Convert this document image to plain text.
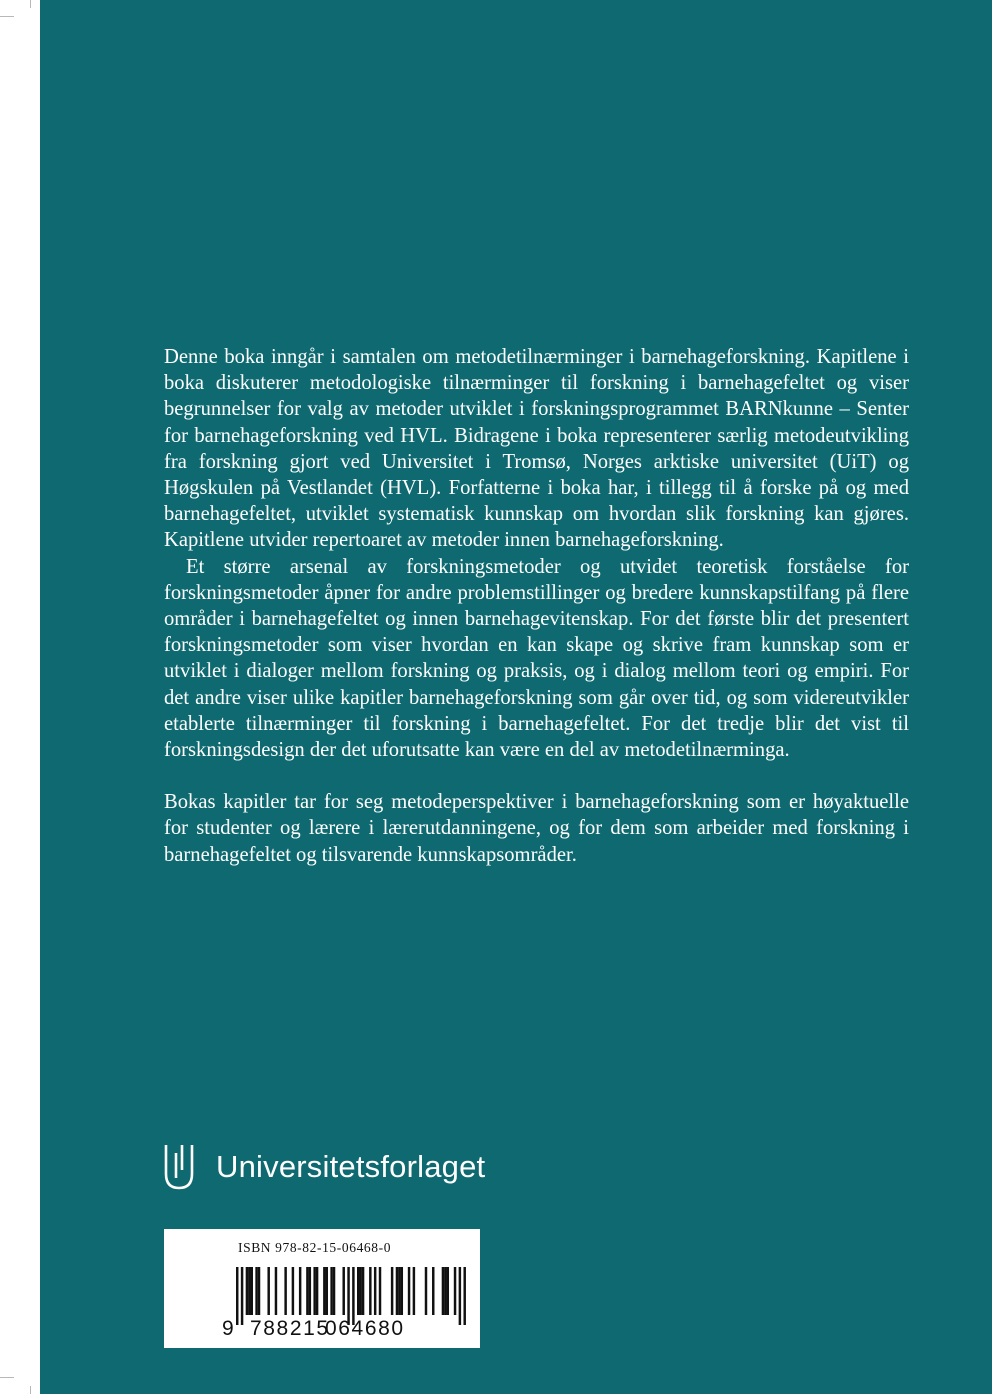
Denne boka inngår i samtalen om metodetilnærminger i barnehageforskning. Kapitlene i boka diskuterer metodologiske tilnærminger til forskning i barnehagefeltet og viser begrunnelser for valg av metoder utviklet i forskningsprogrammet BARNkunne – Senter for barnehageforskning ved HVL. Bidragene i boka representerer særlig metodeutvikling fra forskning gjort ved Universitet i Tromsø, Norges arktiske universitet (UiT) og Høgskulen på Vestlandet (HVL). Forfatterne i boka har, i tillegg til å forske på og med barnehagefeltet, utviklet systematisk kunnskap om hvordan slik forskning kan gjøres. Kapitlene utvider repertoaret av metoder innen barnehageforskning.

Et større arsenal av forskningsmetoder og utvidet teoretisk forståelse for forskningsmetoder åpner for andre problemstillinger og bredere kunnskapstilfang på flere områder i barnehagefeltet og innen barnehagevitenskap. For det første blir det presentert forskningsmetoder som viser hvordan en kan skape og skrive fram kunnskap som er utviklet i dialoger mellom forskning og praksis, og i dialog mellom teori og empiri. For det andre viser ulike kapitler barnehageforskning som går over tid, og som videreutvikler etablerte tilnærminger til forskning i barnehagefeltet. For det tredje blir det vist til forskningsdesign der det uforutsatte kan være en del av metodetilnærminga.

Bokas kapitler tar for seg metodeperspektiver i barnehageforskning som er høyaktuelle for studenter og lærere i lærerutdanningene, og for dem som arbeider med forskning i barnehagefeltet og tilsvarende kunnskapsområder.

Universitetsforlaget
ISBN 978-82-15-06468-0
9 788215
064680
